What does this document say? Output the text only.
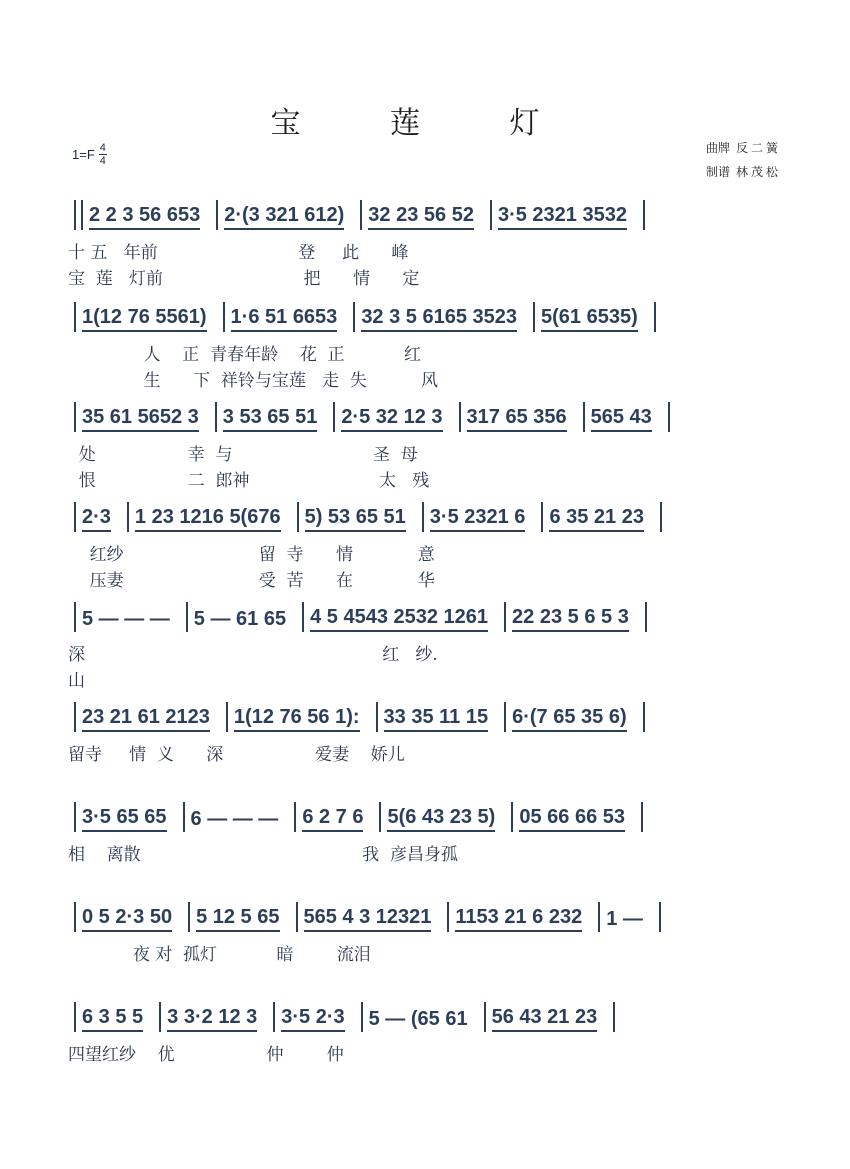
宝 莲 灯
$1=F \frac{4}{4}$	曲牌 反二簧
制谱 林茂松
2 2 3 56 653 2·(3 321 612) 32 23 56 52 3·5 2321 3532
十 五   年前                          登     此      峰
宝  莲   灯前                          把      情      定
1(12 76 5561) 1·6 51 6653 32 3 5 6165 3523 5(61 6535)
人    正  青春年龄    花  正           红
生      下  祥铃与宝莲   走  失          风
35 61 5652 3 3 53 65 51 2·5 32 12 3 317 65 356 565 43
处                 幸  与                          圣  母
恨                 二  郎神                        太   残
2·3 1 23 1216 5(676 5) 53 65 51 3·5 2321 6 6 35 21 23
红纱                         留  寺      情            意
压妻                         受  苦      在            华
5 — — — 5 — 61 65 4 5 4543 2532 1261 22 23 5 6 5 3
深                                                       红   纱.
山
23 21 61 2123 1(12 76 56 1): 33 35 11 15 6·(7 65 35 6)
留寺     情  义      深                 爱妻    娇儿
3·5 65 65 6 — — — 6 2 7 6 5(6 43 23 5) 05 66 66 53
相    离散                                         我  彦昌身孤
0 5 2·3 50 5 12 5 65 565 4 3 12321 1153 21 6 232 1 —
夜 对  孤灯           暗        流泪
6 3 5 5 3 3·2 12 3 3·5 2·3 5 — (65 61 56 43 21 23
四望红纱    优                 仲        仲
